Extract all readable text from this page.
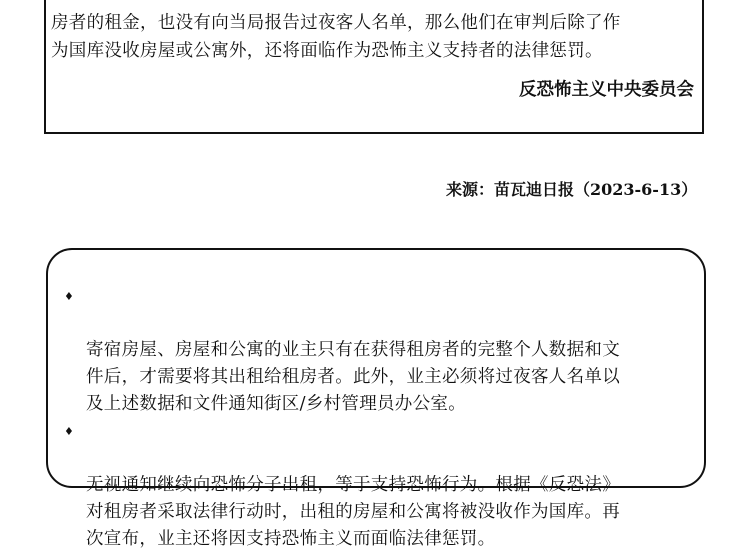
房者的租金，也没有向当局报告过夜客人名单，那么他们在审判后除了作
为国库没收房屋或公寓外，还将面临作为恐怖主义支持者的法律惩罚。

反恐怖主义中央委员会

来源：苗瓦迪日报（2023-6-13）

♦

寄宿房屋、房屋和公寓的业主只有在获得租房者的完整个人数据和文
件后，才需要将其出租给租房者。此外，业主必须将过夜客人名单以
及上述数据和文件通知街区/乡村管理员办公室。

♦

无视通知继续向恐怖分子出租，等于支持恐怖行为。根据《反恐法》
对租房者采取法律行动时，出租的房屋和公寓将被没收作为国库。再
次宣布，业主还将因支持恐怖主义而面临法律惩罚。
